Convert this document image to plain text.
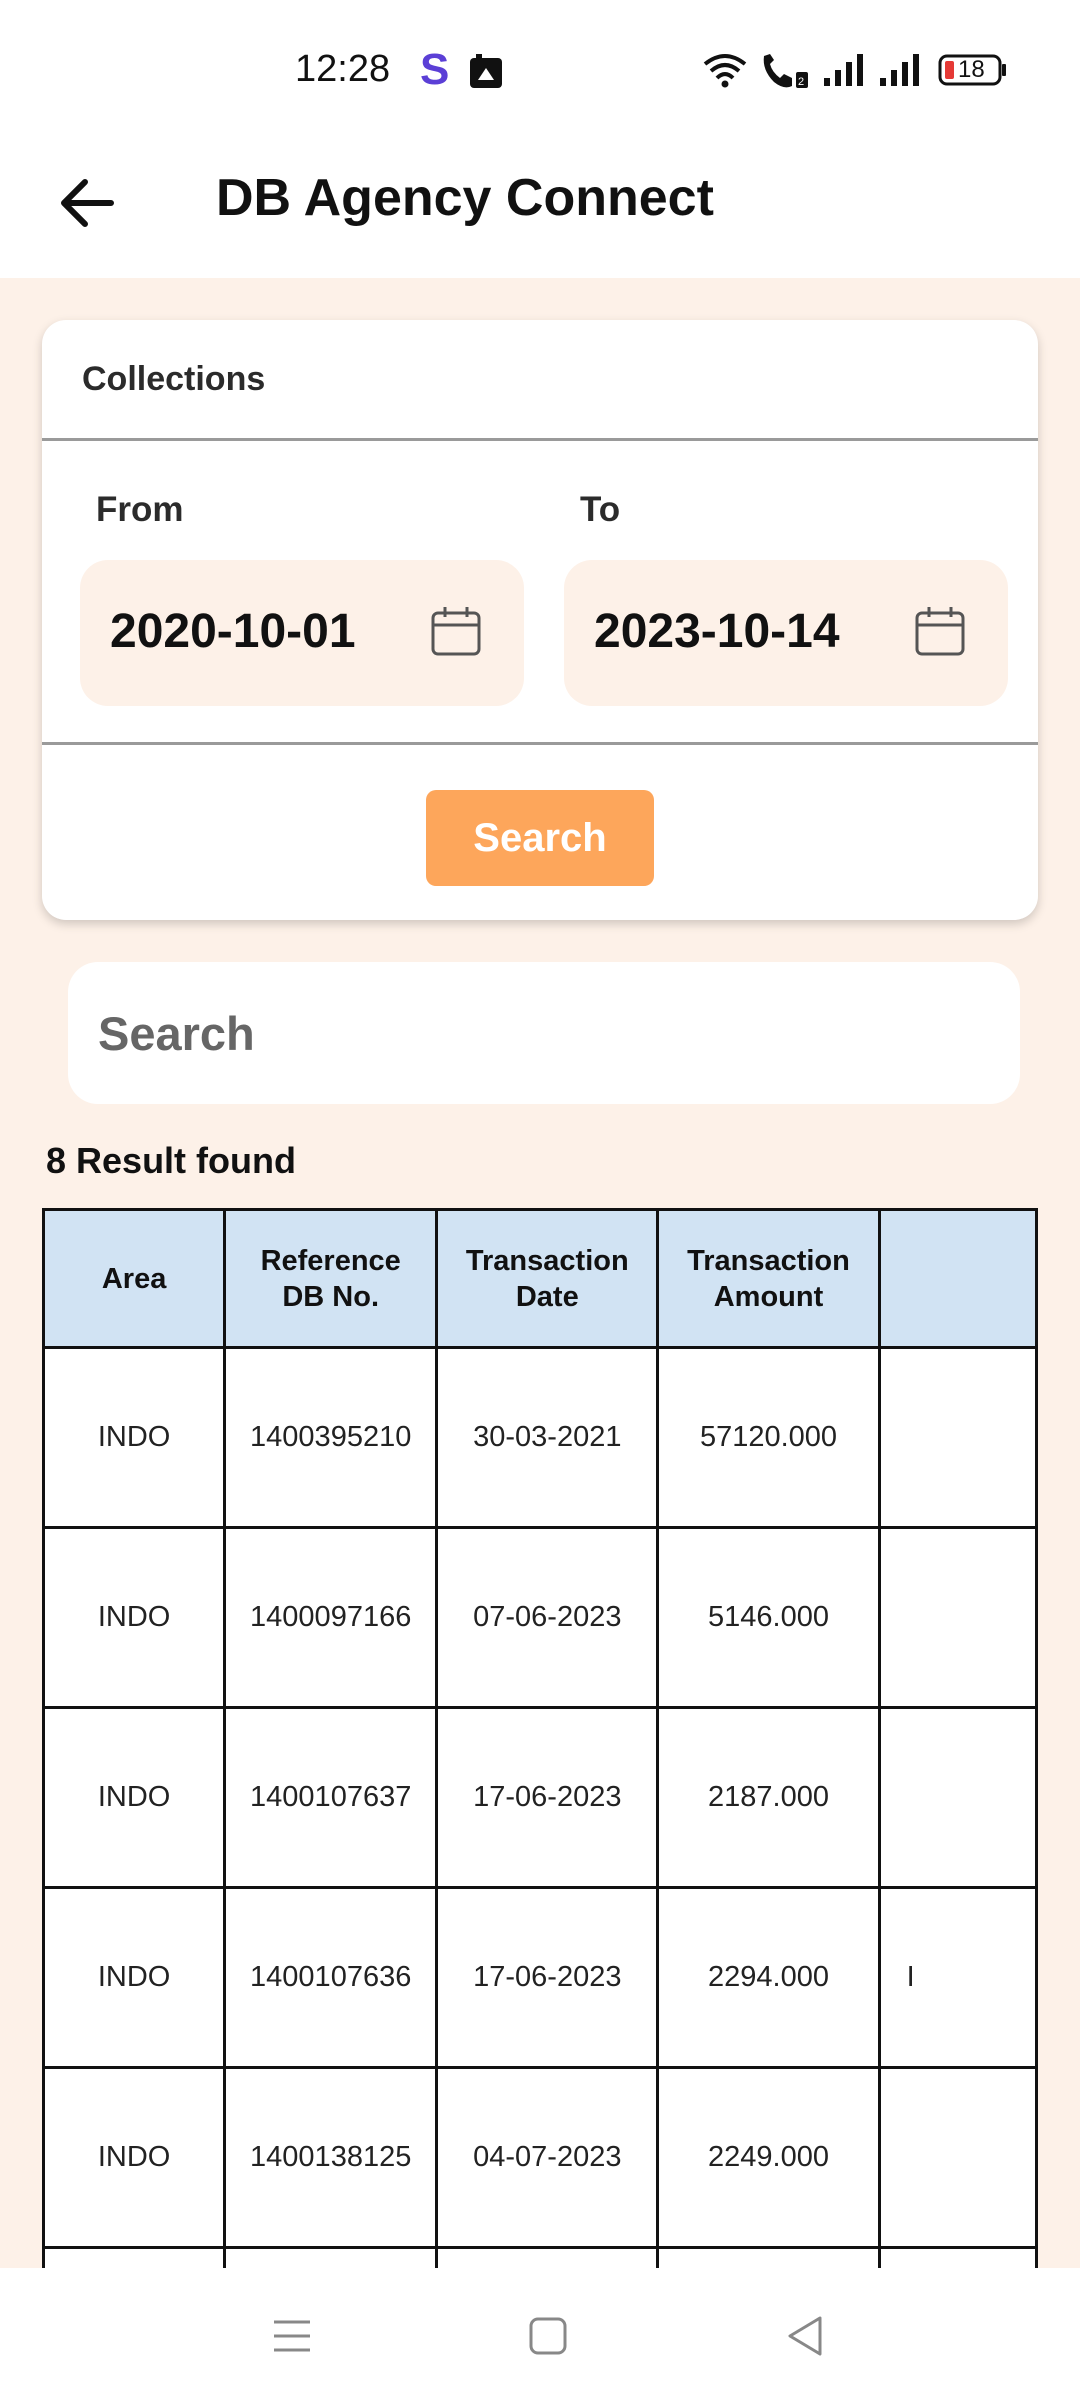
12:28 S	2	18
DB Agency Connect
Collections
From
2020-10-01
To
2023-10-14
Search
Search
8 Result found
Area	Reference DB No.	Transaction Date	Transaction Amount	
INDO	1400395210	30-03-2021	57120.000	
INDO	1400097166	07-06-2023	5146.000	
INDO	1400107637	17-06-2023	2187.000	
INDO	1400107636	17-06-2023	2294.000	I
INDO	1400138125	04-07-2023	2249.000	
